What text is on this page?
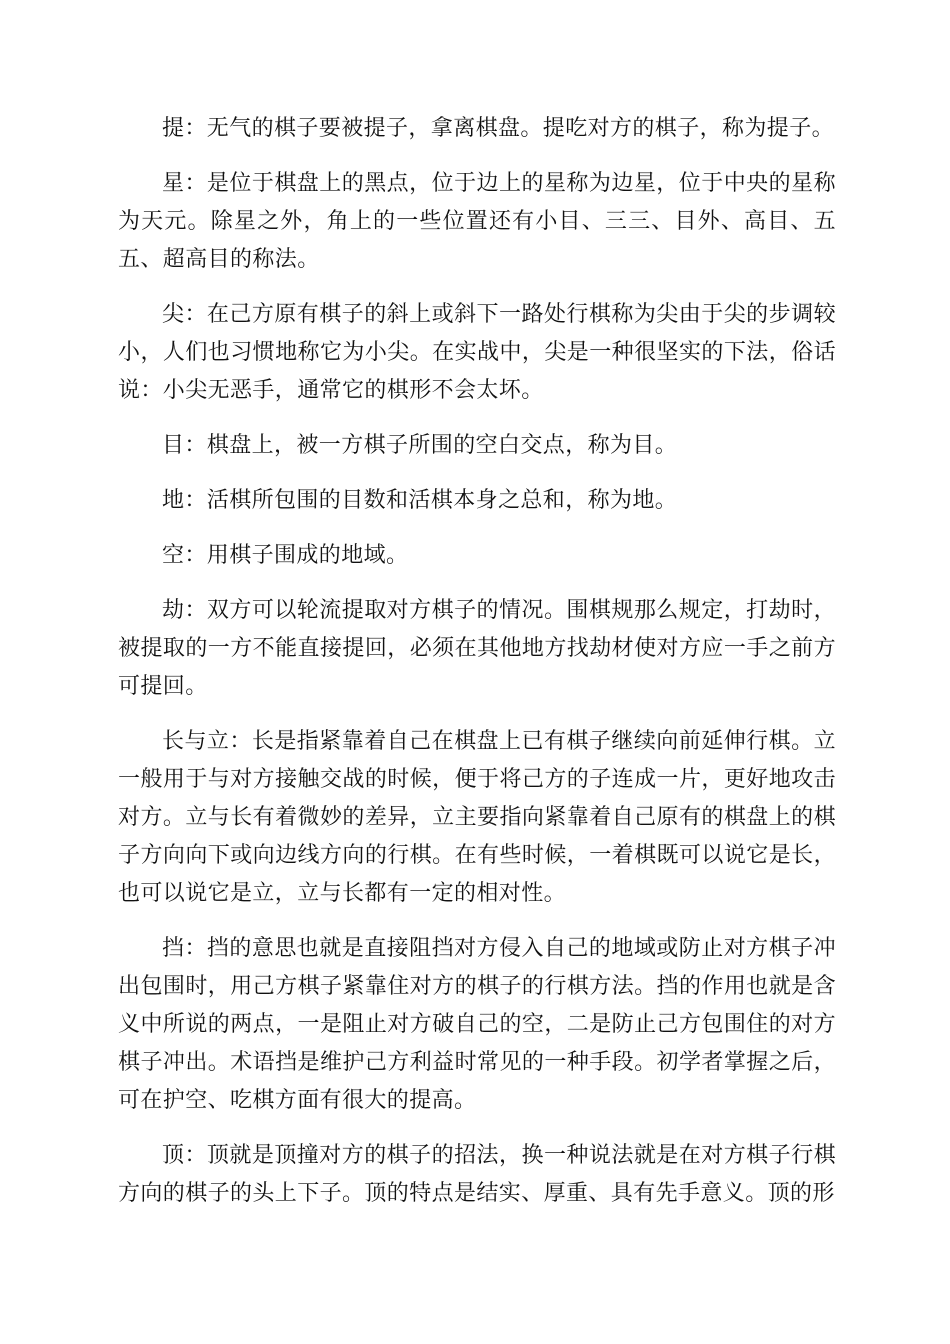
提：无气的棋子要被提子，拿离棋盘。提吃对方的棋子，称为提子。

星：是位于棋盘上的黑点，位于边上的星称为边星，位于中央的星称为天元。除星之外，角上的一些位置还有小目、三三、目外、高目、五五、超高目的称法。

尖：在己方原有棋子的斜上或斜下一路处行棋称为尖由于尖的步调较小，人们也习惯地称它为小尖。在实战中，尖是一种很坚实的下法，俗话说：小尖无恶手，通常它的棋形不会太坏。

目：棋盘上，被一方棋子所围的空白交点，称为目。

地：活棋所包围的目数和活棋本身之总和，称为地。

空：用棋子围成的地域。

劫：双方可以轮流提取对方棋子的情况。围棋规那么规定，打劫时，被提取的一方不能直接提回，必须在其他地方找劫材使对方应一手之前方可提回。

长与立：长是指紧靠着自己在棋盘上已有棋子继续向前延伸行棋。立一般用于与对方接触交战的时候，便于将己方的子连成一片，更好地攻击对方。立与长有着微妙的差异，立主要指向紧靠着自己原有的棋盘上的棋子方向向下或向边线方向的行棋。在有些时候，一着棋既可以说它是长，也可以说它是立，立与长都有一定的相对性。

挡：挡的意思也就是直接阻挡对方侵入自己的地域或防止对方棋子冲出包围时，用己方棋子紧靠住对方的棋子的行棋方法。挡的作用也就是含义中所说的两点，一是阻止对方破自己的空，二是防止己方包围住的对方棋子冲出。术语挡是维护己方利益时常见的一种手段。初学者掌握之后，可在护空、吃棋方面有很大的提高。

顶：顶就是顶撞对方的棋子的招法，换一种说法就是在对方棋子行棋方向的棋子的头上下子。顶的特点是结实、厚重、具有先手意义。顶的形
